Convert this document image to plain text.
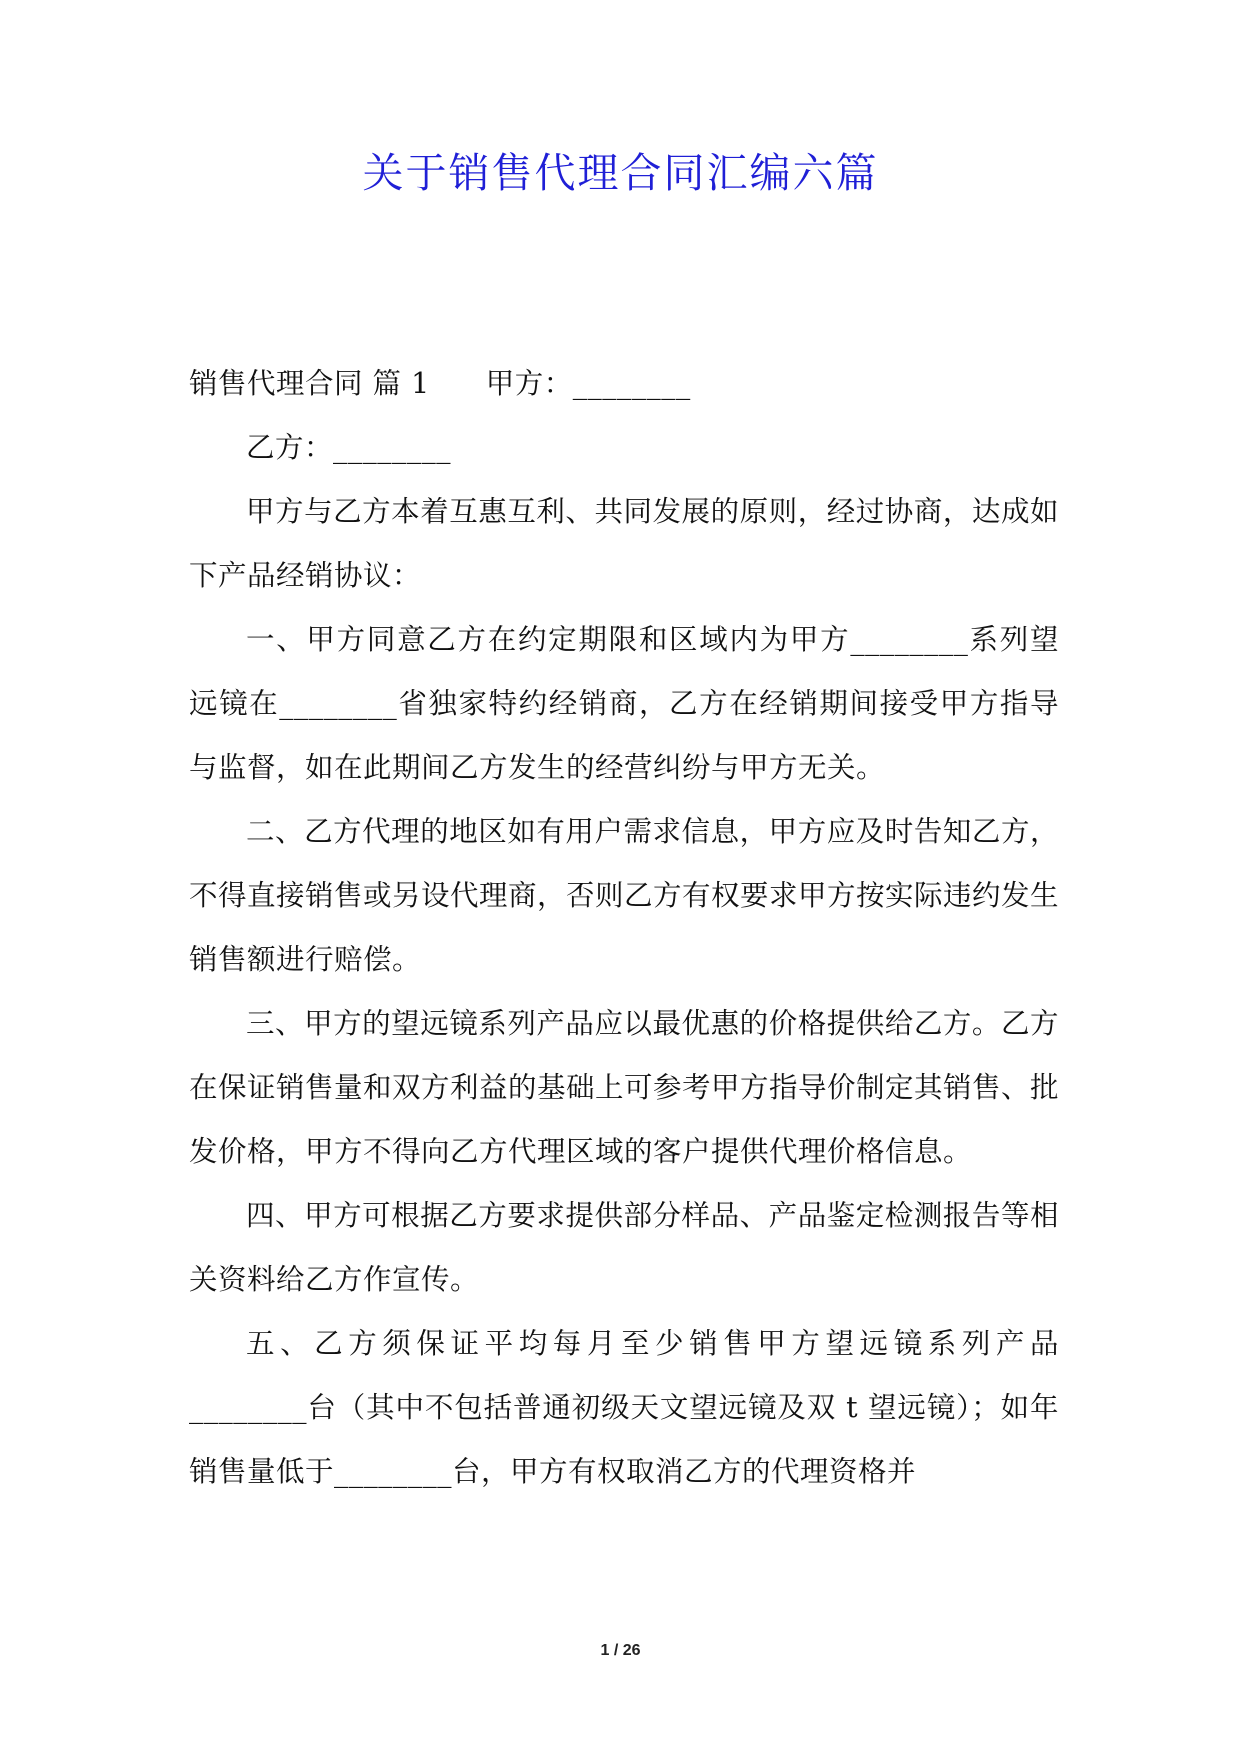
关于销售代理合同汇编六篇

销售代理合同 篇 1 甲方：________

乙方：________

甲方与乙方本着互惠互利、共同发展的原则，经过协商，达成如下产品经销协议：

一、甲方同意乙方在约定期限和区域内为甲方________系列望远镜在________省独家特约经销商，乙方在经销期间接受甲方指导与监督，如在此期间乙方发生的经营纠纷与甲方无关。

二、乙方代理的地区如有用户需求信息，甲方应及时告知乙方，不得直接销售或另设代理商，否则乙方有权要求甲方按实际违约发生销售额进行赔偿。

三、甲方的望远镜系列产品应以最优惠的价格提供给乙方。乙方在保证销售量和双方利益的基础上可参考甲方指导价制定其销售、批发价格，甲方不得向乙方代理区域的客户提供代理价格信息。

四、甲方可根据乙方要求提供部分样品、产品鉴定检测报告等相关资料给乙方作宣传。

五、乙方须保证平均每月至少销售甲方望远镜系列产品________台（其中不包括普通初级天文望远镜及双 t 望远镜）；如年销售量低于________台，甲方有权取消乙方的代理资格并

1 / 26
